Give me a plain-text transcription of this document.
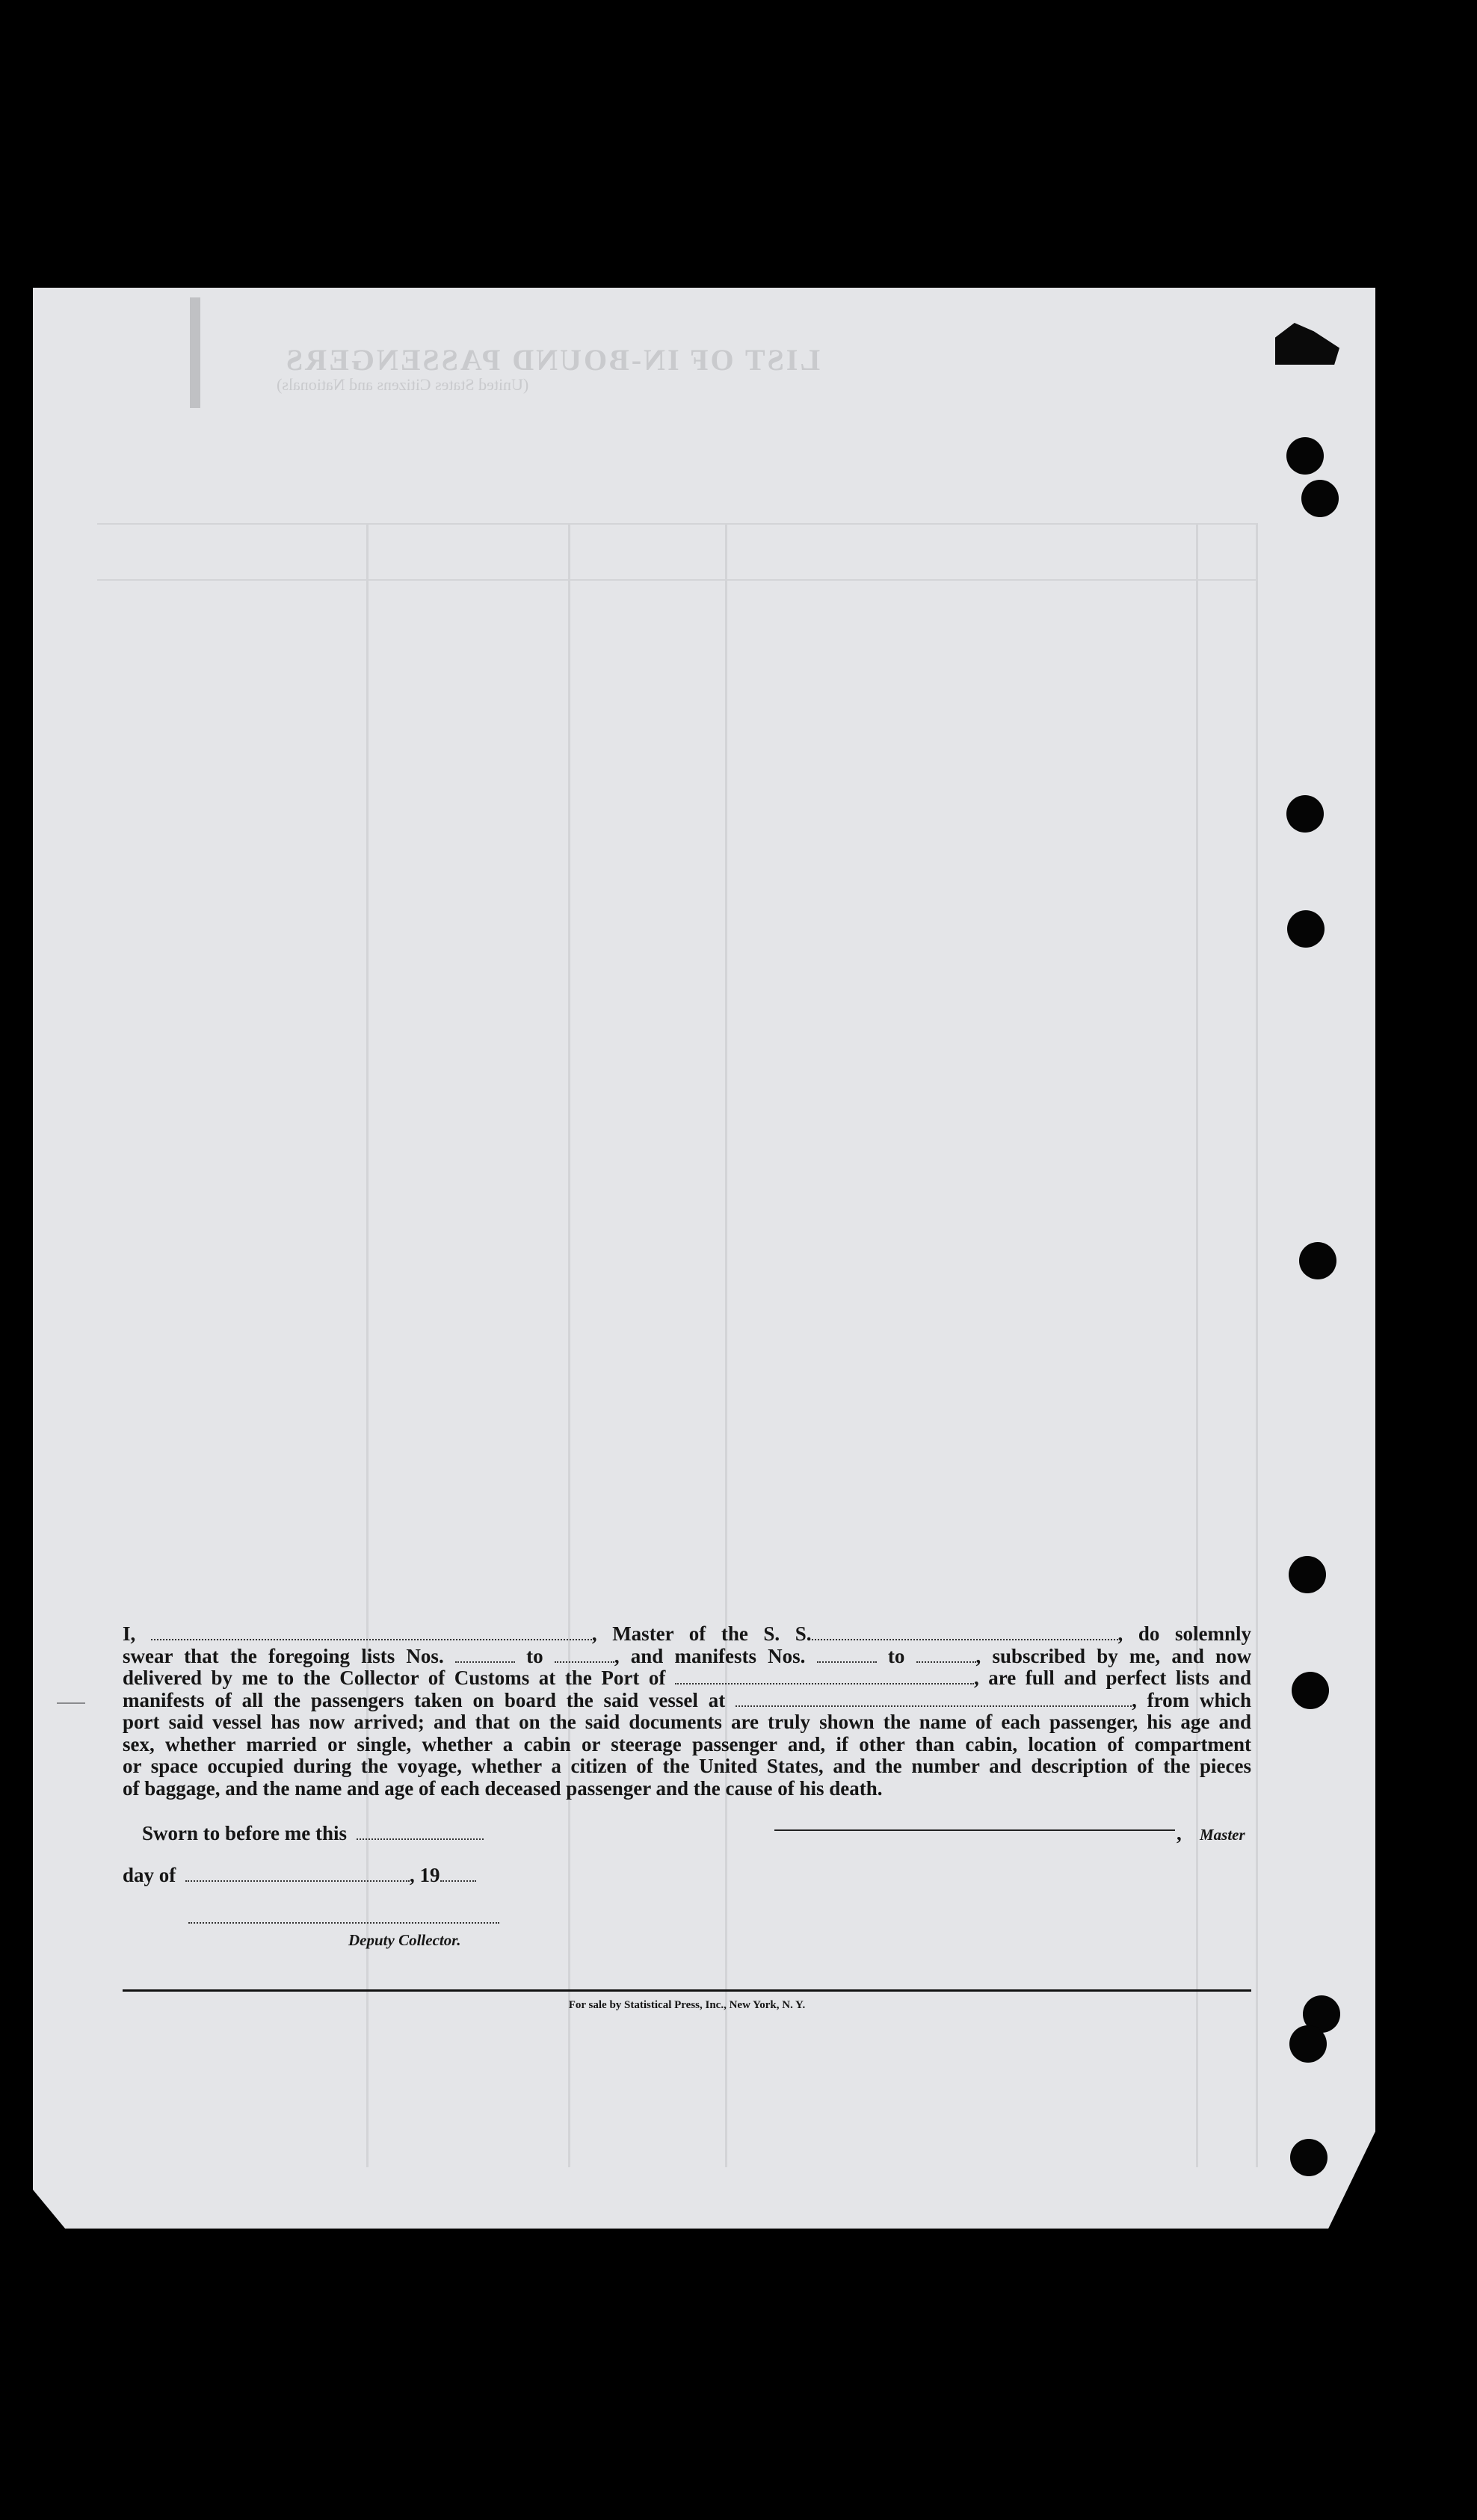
LIST OF IN-BOUND PASSENGERS
(United States Citizens and Nationals)
I,	, Master of the S. S.	, do solemnly
swear that the foregoing lists Nos.	to	, and manifests Nos.	to	, subscribed by me, and now
delivered by me to the Collector of Customs at the Port of	, are full and perfect lists and
manifests of all the passengers taken on board the said vessel at	, from which
port said vessel has now arrived; and that on the said documents are truly shown the name of each passenger, his age and
sex, whether married or single, whether a cabin or steerage passenger and, if other than cabin, location of compartment
or space occupied during the voyage, whether a citizen of the United States, and the number and description of the pieces
of baggage, and the name and age of each deceased passenger and the cause of his death.
Sworn to before me this	, Master
day of	, 19
Deputy Collector.
For sale by Statistical Press, Inc., New York, N. Y.
